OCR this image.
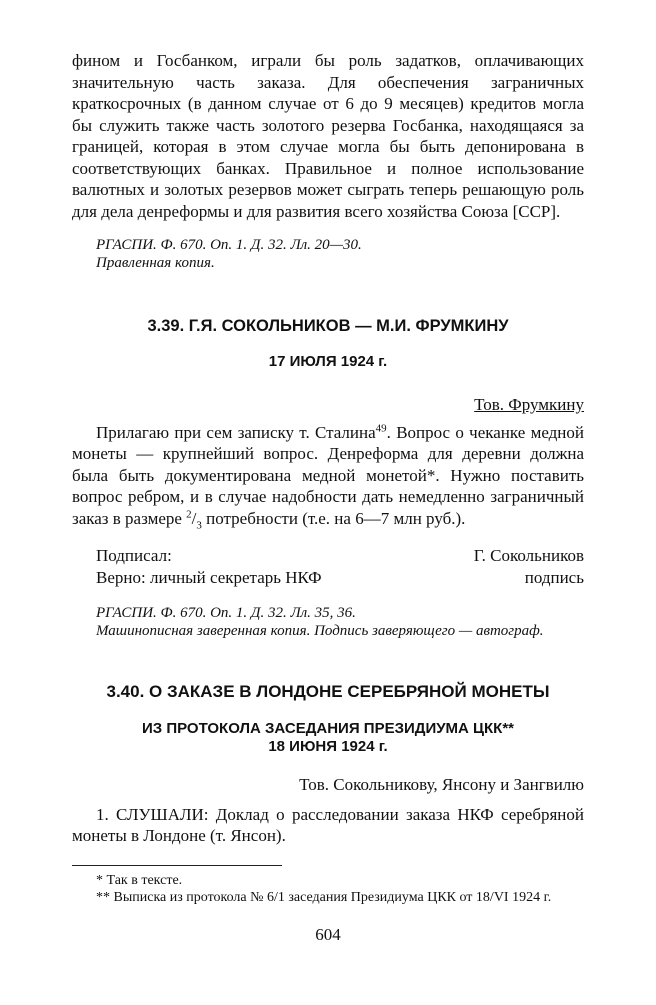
фином и Госбанком, играли бы роль задатков, оплачивающих значительную часть заказа. Для обеспечения заграничных краткосрочных (в данном случае от 6 до 9 месяцев) кредитов могла бы служить также часть золотого резерва Госбанка, находящаяся за границей, которая в этом случае могла бы быть депонирована в соответствующих банках. Правильное и полное использование валютных и золотых резервов может сыграть теперь решающую роль для дела денреформы и для развития всего хозяйства Союза [ССР].

РГАСПИ. Ф. 670. Оп. 1. Д. 32. Лл. 20—30.
Правленная копия.
3.39. Г.Я. СОКОЛЬНИКОВ — М.И. ФРУМКИНУ
17 ИЮЛЯ 1924 г.
Тов. Фрумкину

Прилагаю при сем записку т. Сталина$^{49}$. Вопрос о чеканке медной монеты — крупнейший вопрос. Денреформа для деревни должна была быть документирована медной монетой*. Нужно поставить вопрос ребром, и в случае надобности дать немедленно заграничный заказ в размере $^2/_3$ потребности (т.е. на 6—7 млн руб.).

Подписал:	Г. Сокольников
Верно: личный секретарь НКФ	подпись
РГАСПИ. Ф. 670. Оп. 1. Д. 32. Лл. 35, 36.
Машинописная заверенная копия. Подпись заверяющего — автограф.
3.40. О ЗАКАЗЕ В ЛОНДОНЕ СЕРЕБРЯНОЙ МОНЕТЫ
ИЗ ПРОТОКОЛА ЗАСЕДАНИЯ ПРЕЗИДИУМА ЦКК**
18 ИЮНЯ 1924 г.
Тов. Сокольникову, Янсону и Зангвилю

1. СЛУШАЛИ: Доклад о расследовании заказа НКФ серебряной монеты в Лондоне (т. Янсон).

* Так в тексте.
** Выписка из протокола № 6/1 заседания Президиума ЦКК от 18/VI 1924 г.
604
